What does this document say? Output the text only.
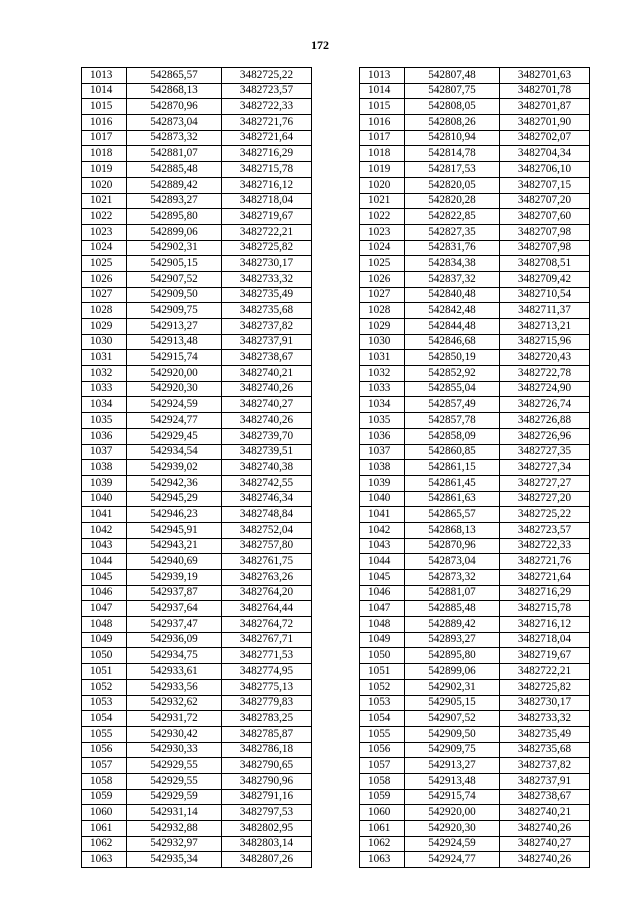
172
1013	542865,57	3482725,22
1014	542868,13	3482723,57
1015	542870,96	3482722,33
1016	542873,04	3482721,76
1017	542873,32	3482721,64
1018	542881,07	3482716,29
1019	542885,48	3482715,78
1020	542889,42	3482716,12
1021	542893,27	3482718,04
1022	542895,80	3482719,67
1023	542899,06	3482722,21
1024	542902,31	3482725,82
1025	542905,15	3482730,17
1026	542907,52	3482733,32
1027	542909,50	3482735,49
1028	542909,75	3482735,68
1029	542913,27	3482737,82
1030	542913,48	3482737,91
1031	542915,74	3482738,67
1032	542920,00	3482740,21
1033	542920,30	3482740,26
1034	542924,59	3482740,27
1035	542924,77	3482740,26
1036	542929,45	3482739,70
1037	542934,54	3482739,51
1038	542939,02	3482740,38
1039	542942,36	3482742,55
1040	542945,29	3482746,34
1041	542946,23	3482748,84
1042	542945,91	3482752,04
1043	542943,21	3482757,80
1044	542940,69	3482761,75
1045	542939,19	3482763,26
1046	542937,87	3482764,20
1047	542937,64	3482764,44
1048	542937,47	3482764,72
1049	542936,09	3482767,71
1050	542934,75	3482771,53
1051	542933,61	3482774,95
1052	542933,56	3482775,13
1053	542932,62	3482779,83
1054	542931,72	3482783,25
1055	542930,42	3482785,87
1056	542930,33	3482786,18
1057	542929,55	3482790,65
1058	542929,55	3482790,96
1059	542929,59	3482791,16
1060	542931,14	3482797,53
1061	542932,88	3482802,95
1062	542932,97	3482803,14
1063	542935,34	3482807,26
1013	542807,48	3482701,63
1014	542807,75	3482701,78
1015	542808,05	3482701,87
1016	542808,26	3482701,90
1017	542810,94	3482702,07
1018	542814,78	3482704,34
1019	542817,53	3482706,10
1020	542820,05	3482707,15
1021	542820,28	3482707,20
1022	542822,85	3482707,60
1023	542827,35	3482707,98
1024	542831,76	3482707,98
1025	542834,38	3482708,51
1026	542837,32	3482709,42
1027	542840,48	3482710,54
1028	542842,48	3482711,37
1029	542844,48	3482713,21
1030	542846,68	3482715,96
1031	542850,19	3482720,43
1032	542852,92	3482722,78
1033	542855,04	3482724,90
1034	542857,49	3482726,74
1035	542857,78	3482726,88
1036	542858,09	3482726,96
1037	542860,85	3482727,35
1038	542861,15	3482727,34
1039	542861,45	3482727,27
1040	542861,63	3482727,20
1041	542865,57	3482725,22
1042	542868,13	3482723,57
1043	542870,96	3482722,33
1044	542873,04	3482721,76
1045	542873,32	3482721,64
1046	542881,07	3482716,29
1047	542885,48	3482715,78
1048	542889,42	3482716,12
1049	542893,27	3482718,04
1050	542895,80	3482719,67
1051	542899,06	3482722,21
1052	542902,31	3482725,82
1053	542905,15	3482730,17
1054	542907,52	3482733,32
1055	542909,50	3482735,49
1056	542909,75	3482735,68
1057	542913,27	3482737,82
1058	542913,48	3482737,91
1059	542915,74	3482738,67
1060	542920,00	3482740,21
1061	542920,30	3482740,26
1062	542924,59	3482740,27
1063	542924,77	3482740,26
